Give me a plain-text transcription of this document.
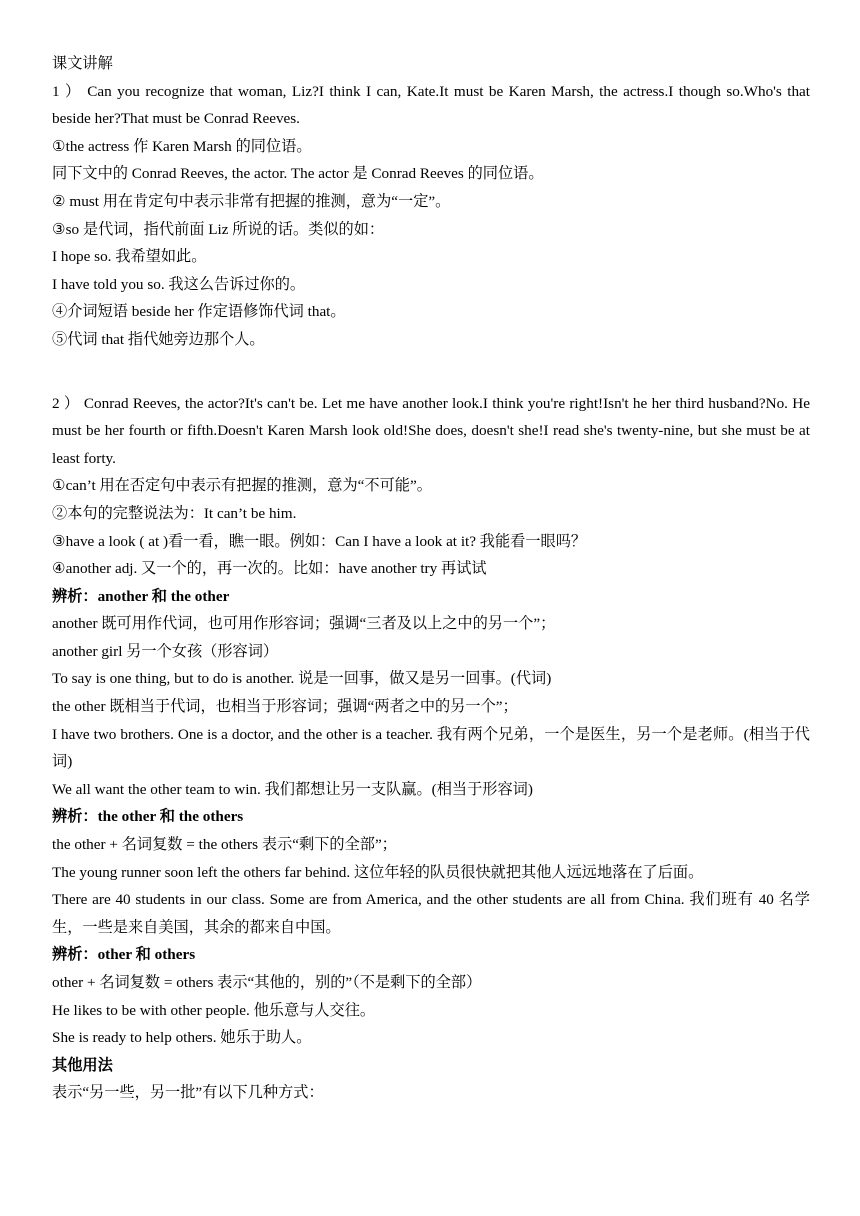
课文讲解

1 ） Can you recognize that woman, Liz?I think I can, Kate.It must be Karen Marsh, the actress.I though so.Who's that beside her?That must be Conrad Reeves.

①the actress 作 Karen Marsh 的同位语。

同下文中的 Conrad Reeves, the actor. The actor 是 Conrad Reeves 的同位语。

② must 用在肯定句中表示非常有把握的推测，意为“一定”。

③so 是代词，指代前面 Liz 所说的话。类似的如：

I hope so. 我希望如此。

I have told you so. 我这么告诉过你的。

④介词短语 beside her 作定语修饰代词 that。

⑤代词 that 指代她旁边那个人。

2 ） Conrad Reeves, the actor?It's can't be. Let me have another look.I think you're right!Isn't he her third husband?No. He must be her fourth or fifth.Doesn't Karen Marsh look old!She does, doesn't she!I read she's twenty-nine, but she must be at least forty.

①can’t 用在否定句中表示有把握的推测，意为“不可能”。

②本句的完整说法为：It can’t be him.

③have a look ( at )看一看，瞧一眼。例如：Can I have a look at it? 我能看一眼吗？

④another adj. 又一个的，再一次的。比如：have another try 再试试

辨析：another 和 the other

another 既可用作代词，也可用作形容词；强调“三者及以上之中的另一个”；

another girl 另一个女孩（形容词）

To say is one thing, but to do is another. 说是一回事，做又是另一回事。(代词)

the other 既相当于代词，也相当于形容词；强调“两者之中的另一个”；

I have two brothers. One is a doctor, and the other is a teacher. 我有两个兄弟，一个是医生，另一个是老师。(相当于代词)

We all want the other team to win. 我们都想让另一支队赢。(相当于形容词)

辨析：the other 和 the others

the other + 名词复数 = the others 表示“剩下的全部”；

The young runner soon left the others far behind. 这位年轻的队员很快就把其他人远远地落在了后面。

There are 40 students in our class. Some are from America, and the other students are all from China. 我们班有 40 名学生，一些是来自美国，其余的都来自中国。

辨析：other 和 others

other + 名词复数 = others 表示“其他的，别的”（不是剩下的全部）

He likes to be with other people. 他乐意与人交往。

She is ready to help others. 她乐于助人。

其他用法

表示“另一些，另一批”有以下几种方式：
